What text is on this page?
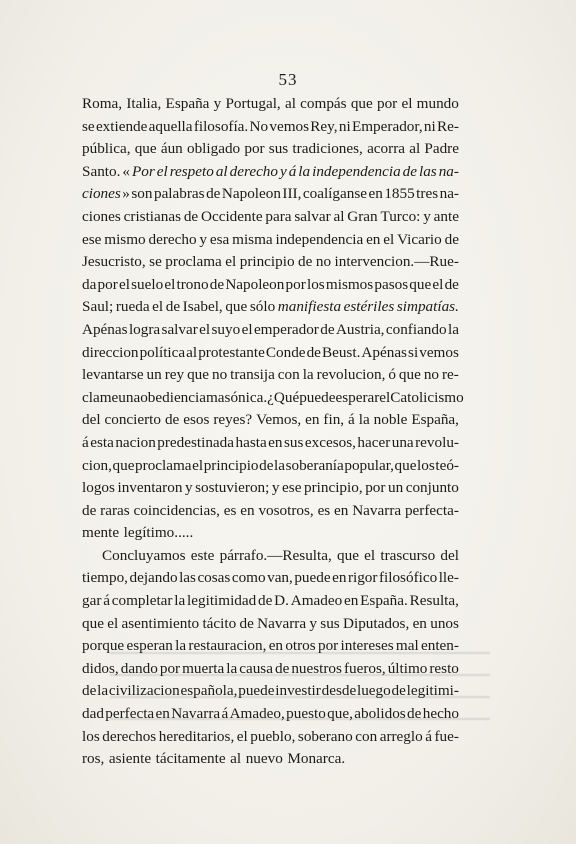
53
Roma, Italia, España y Portugal, al compás que por el mundo
se extiende aquella filosofía. No vemos Rey, ni Emperador, ni Re-
pública, que áun obligado por sus tradiciones, acorra al Padre
Santo. « Por el respeto al derecho y á la independencia de las na-
ciones » son palabras de Napoleon III, coalíganse en 1855 tres na-
ciones cristianas de Occidente para salvar al Gran Turco: y ante
ese mismo derecho y esa misma independencia en el Vicario de
Jesucristo, se proclama el principio de no intervencion.—Rue-
da por el suelo el trono de Napoleon por los mismos pasos que el de
Saul; rueda el de Isabel, que sólo manifiesta estériles simpatías.
Apénas logra salvar el suyo el emperador de Austria, confiando la
direccion política al protestante Conde de Beust. Apénas si vemos
levantarse un rey que no transija con la revolucion, ó que no re-
clame una obediencia masónica. ¿Qué puede esperar el Catolicismo
del concierto de esos reyes? Vemos, en fin, á la noble España,
á esta nacion predestinada hasta en sus excesos, hacer una revolu-
cion, que proclama el principio de la soberanía popular, que los teó-
logos inventaron y sostuvieron; y ese principio, por un conjunto
de raras coincidencias, es en vosotros, es en Navarra perfecta-
mente legítimo.....
Concluyamos este párrafo.—Resulta, que el trascurso del
tiempo, dejando las cosas como van, puede en rigor filosófico lle-
gar á completar la legitimidad de D. Amadeo en España. Resulta,
que el asentimiento tácito de Navarra y sus Diputados, en unos
porque esperan la restauracion, en otros por intereses mal enten-
didos, dando por muerta la causa de nuestros fueros, último resto
de la civilizacion española, puede investir desde luego de legitimi-
dad perfecta en Navarra á Amadeo, puesto que, abolidos de hecho
los derechos hereditarios, el pueblo, soberano con arreglo á fue-
ros, asiente tácitamente al nuevo Monarca.
